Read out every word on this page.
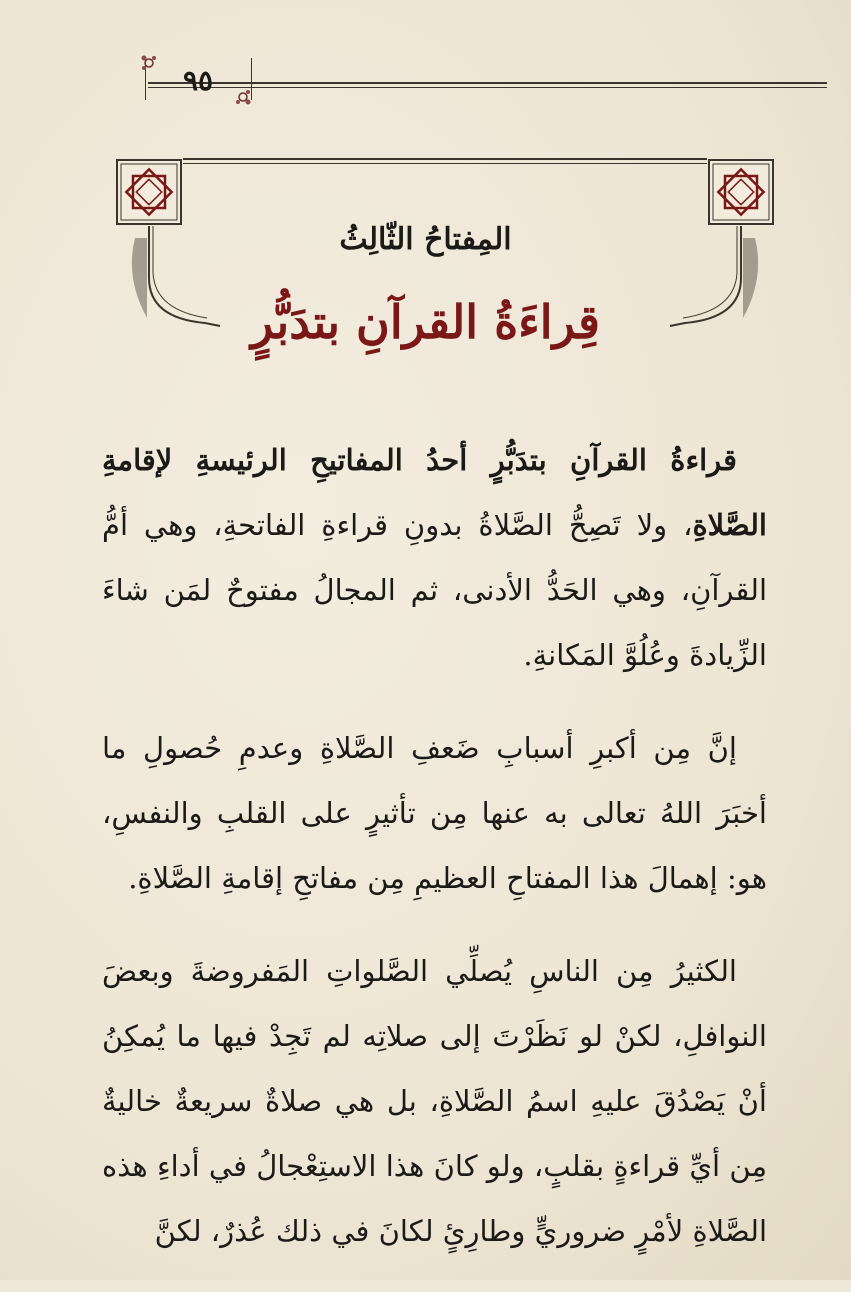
٩٥
المِفتاحُ الثّالِثُ
قِراءَةُ القرآنِ بتدَبُّرٍ

قراءةُ القرآنِ بتدَبُّرٍ أحدُ المفاتيحِ الرئيسةِ لإقامةِ الصَّلاةِ، ولا تَصِحُّ الصَّلاةُ بدونِ قراءةِ الفاتحةِ، وهي أمُّ القرآنِ، وهي الحَدُّ الأدنى، ثم المجالُ مفتوحٌ لمَن شاءَ الزِّيادةَ وعُلُوَّ المَكانةِ.

إنَّ مِن أكبرِ أسبابِ ضَعفِ الصَّلاةِ وعدمِ حُصولِ ما أخبَرَ اللهُ تعالى به عنها مِن تأثيرٍ على القلبِ والنفسِ، هو: إهمالَ هذا المفتاحِ العظيمِ مِن مفاتحِ إقامةِ الصَّلاةِ.

الكثيرُ مِن الناسِ يُصلِّي الصَّلواتِ المَفروضةَ وبعضَ النوافلِ، لكنْ لو نَظَرْتَ إلى صلاتِه لم تَجِدْ فيها ما يُمكِنُ أنْ يَصْدُقَ عليهِ اسمُ الصَّلاةِ، بل هي صلاةٌ سريعةٌ خاليةٌ مِن أيِّ قراءةٍ بقلبٍ، ولو كانَ هذا الاستِعْجالُ في أداءِ هذه الصَّلاةِ لأمْرٍ ضروريٍّ وطارِئٍ لكانَ في ذلك عُذرٌ، لكنَّ
